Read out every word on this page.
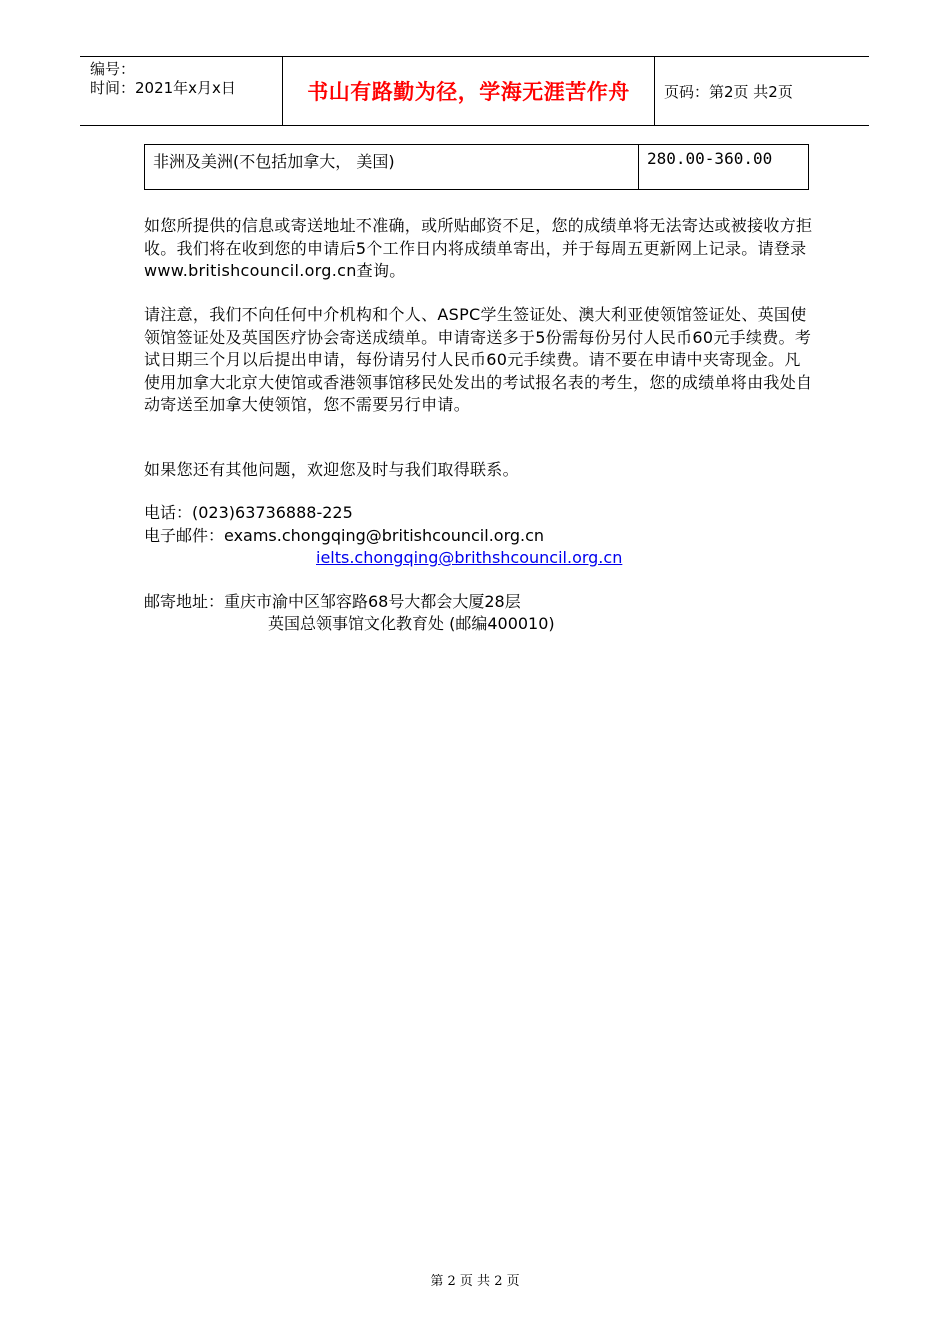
编号：
时间：2021年x月x日	书山有路勤为径，学海无涯苦作舟	页码：第2页 共2页
非洲及美洲(不包括加拿大， 美国)	280.00-360.00

如您所提供的信息或寄送地址不准确，或所贴邮资不足，您的成绩单将无法寄达或被接收方拒收。我们将在收到您的申请后5个工作日内将成绩单寄出，并于每周五更新网上记录。请登录www.britishcouncil.org.cn查询。

请注意，我们不向任何中介机构和个人、ASPC学生签证处、澳大利亚使领馆签证处、英国使领馆签证处及英国医疗协会寄送成绩单。申请寄送多于5份需每份另付人民币60元手续费。考试日期三个月以后提出申请，每份请另付人民币60元手续费。请不要在申请中夹寄现金。凡使用加拿大北京大使馆或香港领事馆移民处发出的考试报名表的考生，您的成绩单将由我处自动寄送至加拿大使领馆，您不需要另行申请。

如果您还有其他问题，欢迎您及时与我们取得联系。

电话：(023)63736888-225
电子邮件：exams.chongqing@britishcouncil.org.cn
ielts.chongqing@brithshcouncil.org.cn
邮寄地址：重庆市渝中区邹容路68号大都会大厦28层
英国总领事馆文化教育处 (邮编400010)
第 2 页 共 2 页
